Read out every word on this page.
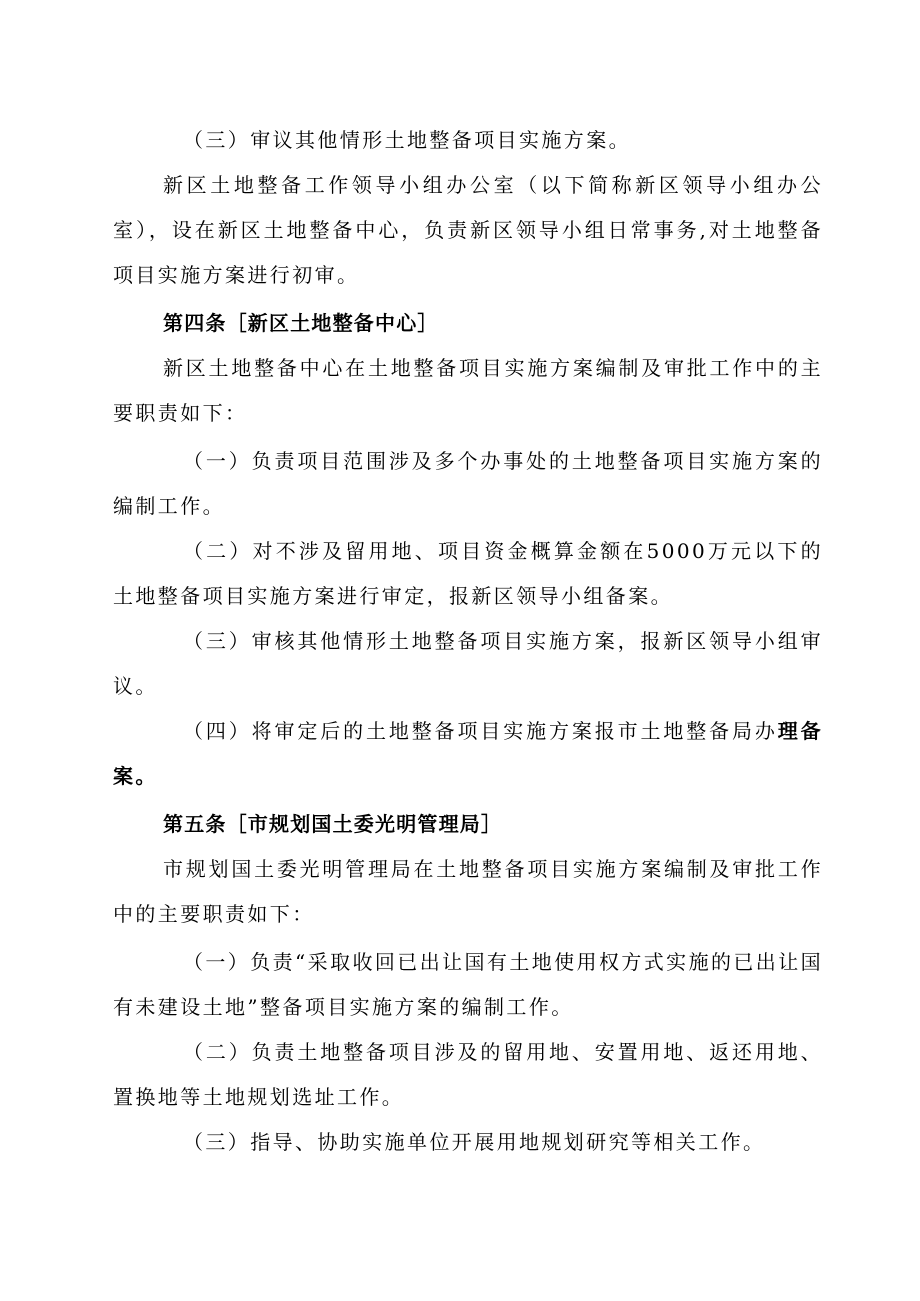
（三）审议其他情形土地整备项目实施方案。

新区土地整备工作领导小组办公室（以下简称新区领导小组办公室），设在新区土地整备中心，负责新区领导小组日常事务,对土地整备项目实施方案进行初审。

第四条［新区土地整备中心］

新区土地整备中心在土地整备项目实施方案编制及审批工作中的主要职责如下：

（一）负责项目范围涉及多个办事处的土地整备项目实施方案的编制工作。

（二）对不涉及留用地、项目资金概算金额在5000万元以下的土地整备项目实施方案进行审定，报新区领导小组备案。

（三）审核其他情形土地整备项目实施方案，报新区领导小组审议。

（四）将审定后的土地整备项目实施方案报市土地整备局办理备案。

第五条［市规划国土委光明管理局］

市规划国土委光明管理局在土地整备项目实施方案编制及审批工作中的主要职责如下：

（一）负责“采取收回已出让国有土地使用权方式实施的已出让国有未建设土地”整备项目实施方案的编制工作。

（二）负责土地整备项目涉及的留用地、安置用地、返还用地、置换地等土地规划选址工作。

（三）指导、协助实施单位开展用地规划研究等相关工作。
